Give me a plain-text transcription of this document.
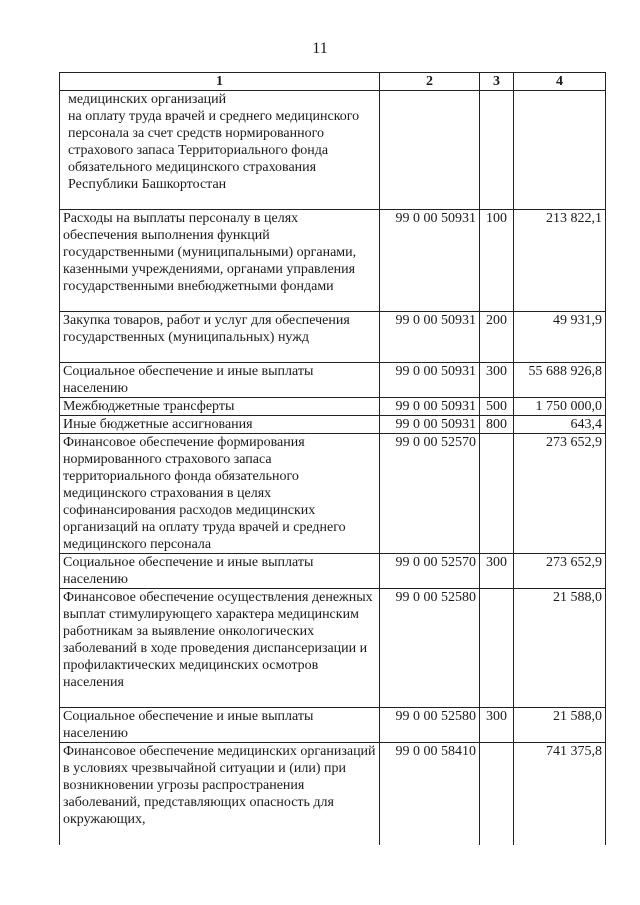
11
1	2	3	4
медицинских организаций
на оплату труда врачей и среднего медицинского персонала за счет средств нормированного страхового запаса Территориального фонда обязательного медицинского страхования Республики Башкортостан			
Расходы на выплаты персоналу в целях обеспечения выполнения функций государственными (муниципальными) органами, казенными учреждениями, органами управления государственными внебюджетными фондами	99 0 00 50931	100	213 822,1
Закупка товаров, работ и услуг для обеспечения государственных (муниципальных) нужд	99 0 00 50931	200	49 931,9
Социальное обеспечение и иные выплаты населению	99 0 00 50931	300	55 688 926,8
Межбюджетные трансферты	99 0 00 50931	500	1 750 000,0
Иные бюджетные ассигнования	99 0 00 50931	800	643,4
Финансовое обеспечение формирования нормированного страхового запаса территориального фонда обязательного медицинского страхования в целях софинансирования расходов медицинских организаций на оплату труда врачей и среднего медицинского персонала	99 0 00 52570		273 652,9
Социальное обеспечение и иные выплаты населению	99 0 00 52570	300	273 652,9
Финансовое обеспечение осуществления денежных выплат стимулирующего характера медицинским работникам за выявление онкологических заболеваний в ходе проведения диспансеризации и профилактических медицинских осмотров населения	99 0 00 52580		21 588,0
Социальное обеспечение и иные выплаты населению	99 0 00 52580	300	21 588,0
Финансовое обеспечение медицинских организаций в условиях чрезвычайной ситуации и (или) при возникновении угрозы распространения заболеваний, представляющих опасность для окружающих,	99 0 00 58410		741 375,8
